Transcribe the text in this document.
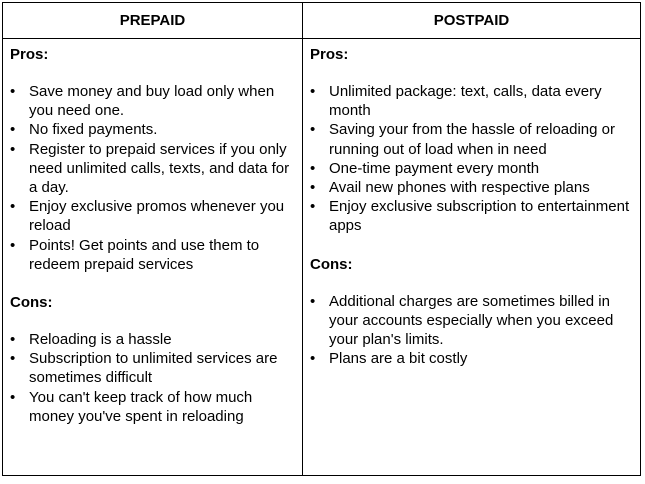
PREPAID	POSTPAID
Pros:
• Save money and buy load only when you need one.
• No fixed payments.
• Register to prepaid services if you only need unlimited calls, texts, and data for a day.
• Enjoy exclusive promos whenever you reload
• Points! Get points and use them to redeem prepaid services
Cons:
• Reloading is a hassle
• Subscription to unlimited services are sometimes difficult
• You can't keep track of how much money you've spent in reloading
Pros:
• Unlimited package: text, calls, data every month
• Saving your from the hassle of reloading or running out of load when in need
• One-time payment every month
• Avail new phones with respective plans
• Enjoy exclusive subscription to entertainment apps
Cons:
• Additional charges are sometimes billed in your accounts especially when you exceed your plan's limits.
• Plans are a bit costly
